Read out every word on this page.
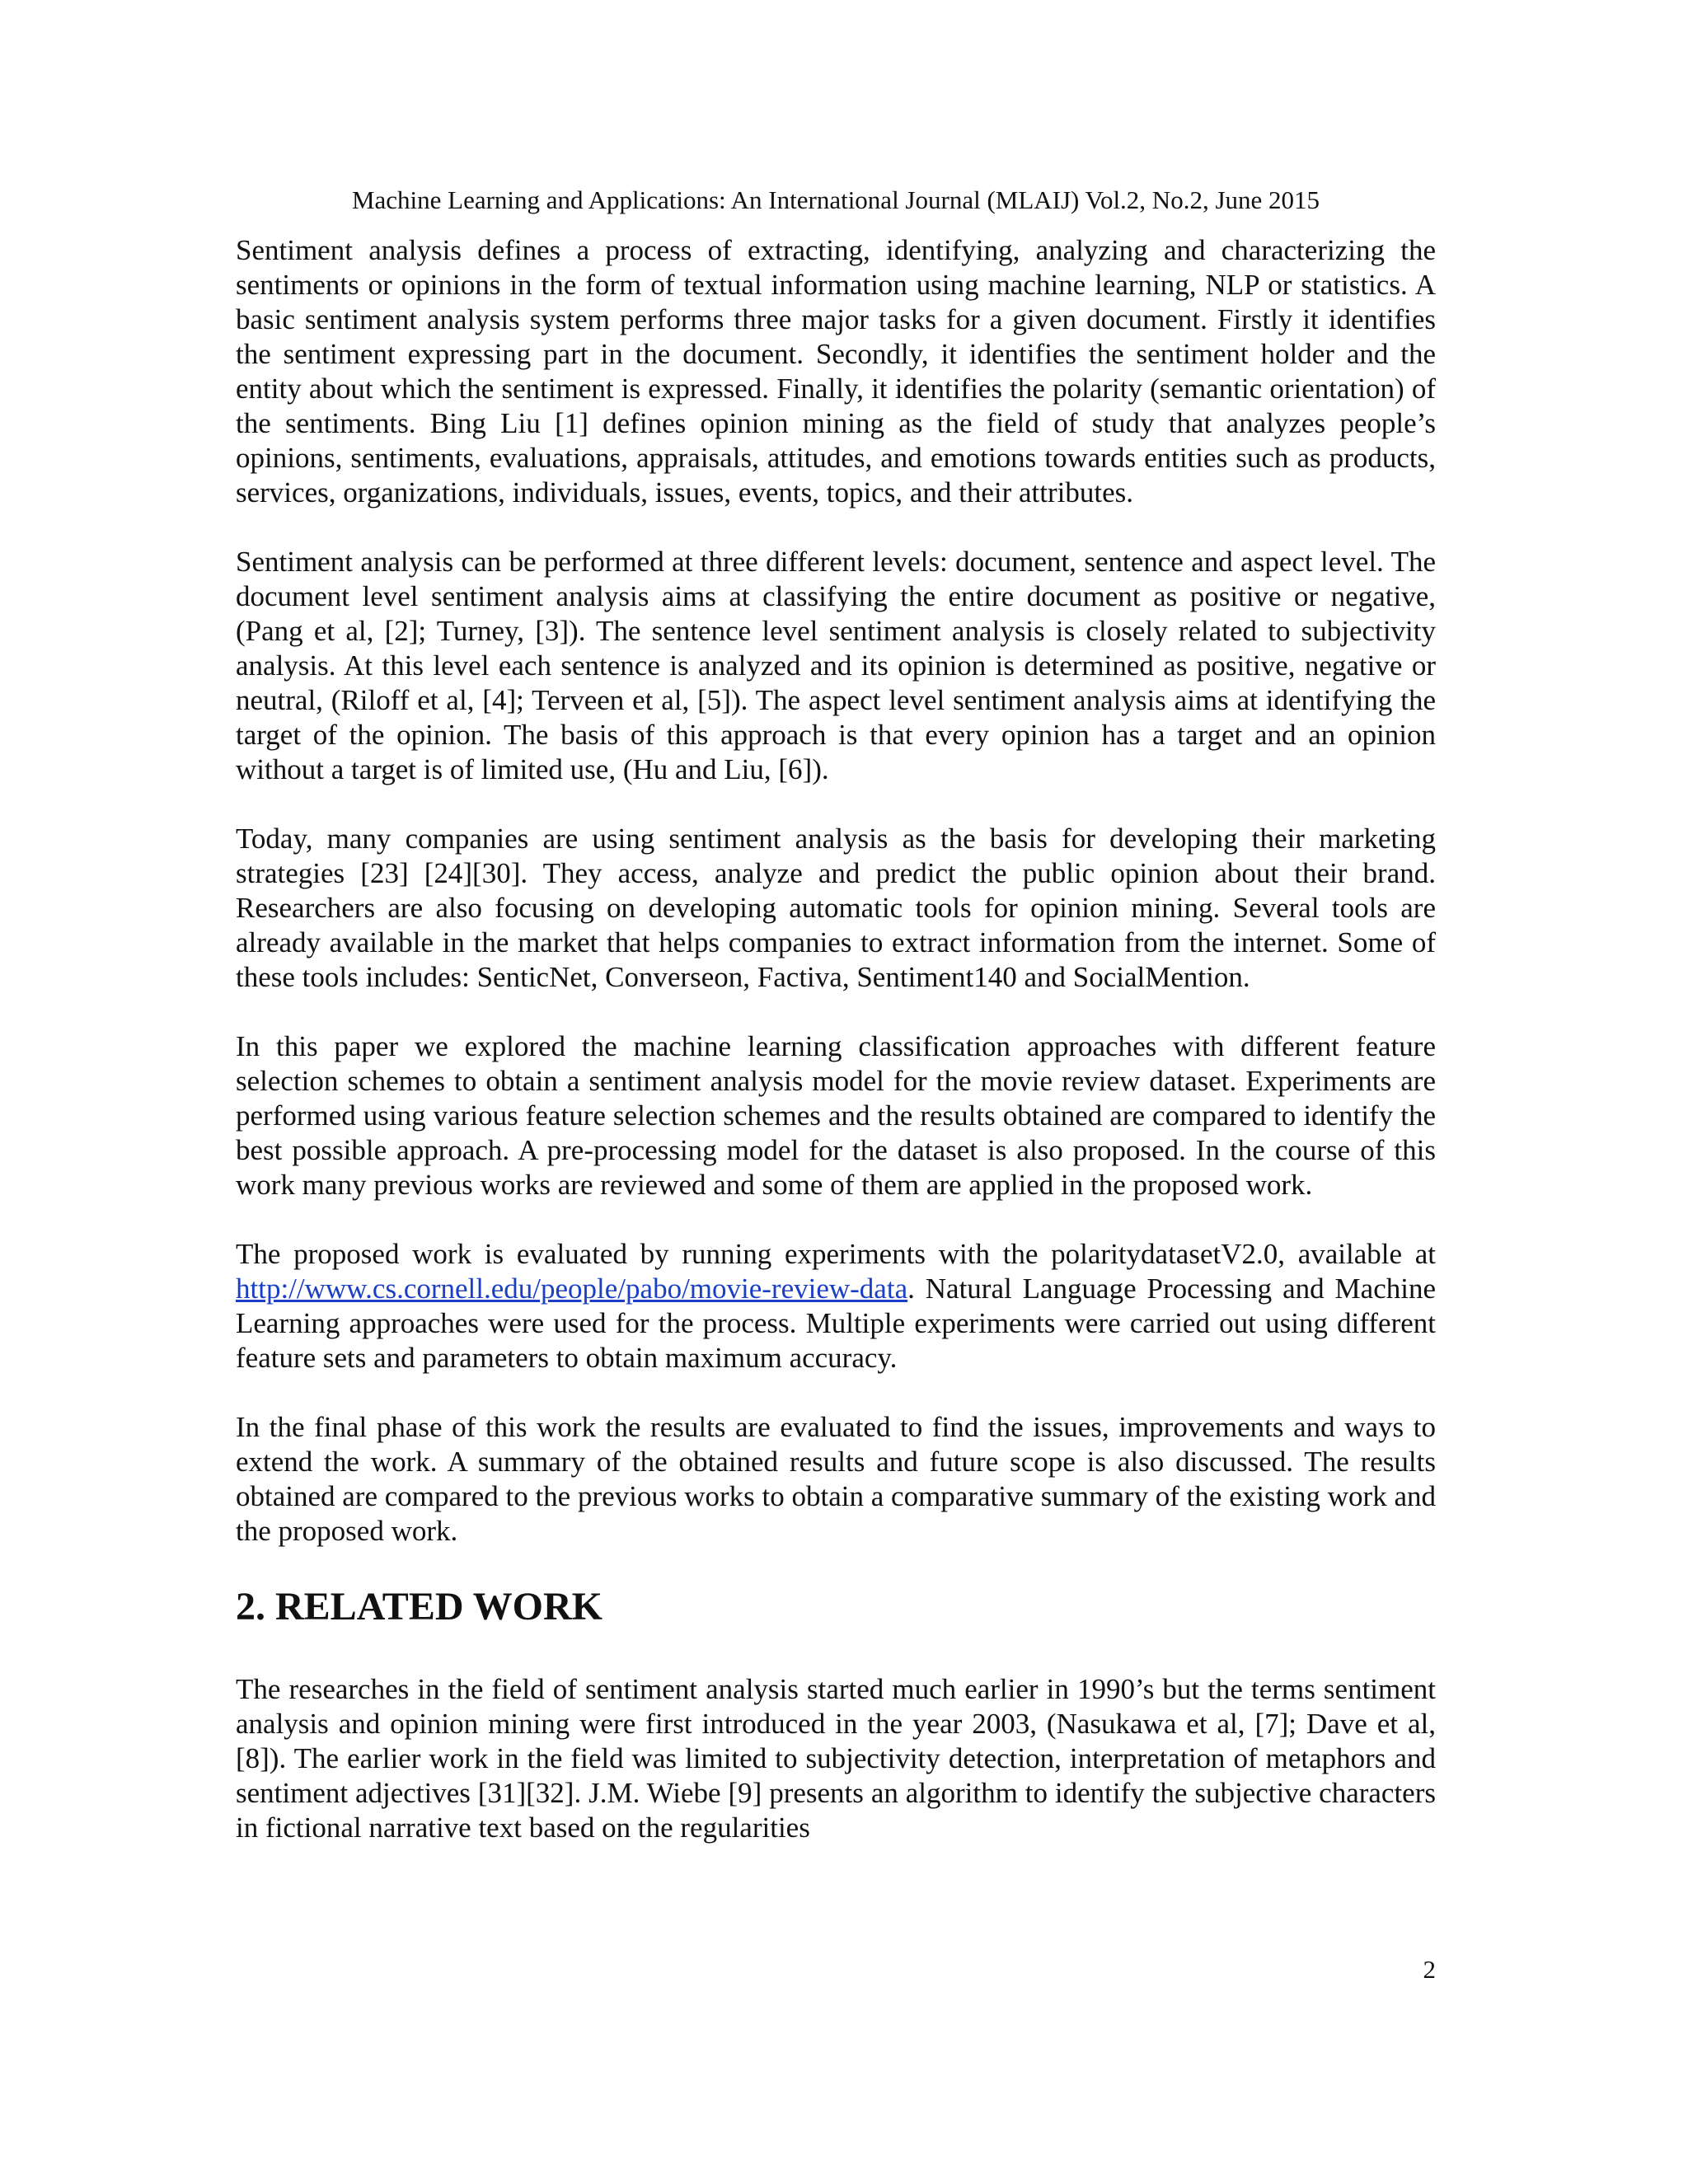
Machine Learning and Applications: An International Journal (MLAIJ) Vol.2, No.2, June 2015

Sentiment analysis defines a process of extracting, identifying, analyzing and characterizing the sentiments or opinions in the form of textual information using machine learning, NLP or statistics. A basic sentiment analysis system performs three major tasks for a given document. Firstly it identifies the sentiment expressing part in the document. Secondly, it identifies the sentiment holder and the entity about which the sentiment is expressed. Finally, it identifies the polarity (semantic orientation) of the sentiments. Bing Liu [1] defines opinion mining as the field of study that analyzes people’s opinions, sentiments, evaluations, appraisals, attitudes, and emotions towards entities such as products, services, organizations, individuals, issues, events, topics, and their attributes.

Sentiment analysis can be performed at three different levels: document, sentence and aspect level. The document level sentiment analysis aims at classifying the entire document as positive or negative, (Pang et al, [2]; Turney, [3]). The sentence level sentiment analysis is closely related to subjectivity analysis. At this level each sentence is analyzed and its opinion is determined as positive, negative or neutral, (Riloff et al, [4]; Terveen et al, [5]). The aspect level sentiment analysis aims at identifying the target of the opinion. The basis of this approach is that every opinion has a target and an opinion without a target is of limited use, (Hu and Liu, [6]).

Today, many companies are using sentiment analysis as the basis for developing their marketing strategies [23] [24][30]. They access, analyze and predict the public opinion about their brand. Researchers are also focusing on developing automatic tools for opinion mining. Several tools are already available in the market that helps companies to extract information from the internet. Some of these tools includes: SenticNet, Converseon, Factiva, Sentiment140 and SocialMention.

In this paper we explored the machine learning classification approaches with different feature selection schemes to obtain a sentiment analysis model for the movie review dataset. Experiments are performed using various feature selection schemes and the results obtained are compared to identify the best possible approach. A pre-processing model for the dataset is also proposed. In the course of this work many previous works are reviewed and some of them are applied in the proposed work.

The proposed work is evaluated by running experiments with the polaritydatasetV2.0, available at http://www.cs.cornell.edu/people/pabo/movie-review-data. Natural Language Processing and Machine Learning approaches were used for the process. Multiple experiments were carried out using different feature sets and parameters to obtain maximum accuracy.

In the final phase of this work the results are evaluated to find the issues, improvements and ways to extend the work. A summary of the obtained results and future scope is also discussed. The results obtained are compared to the previous works to obtain a comparative summary of the existing work and the proposed work.

2. RELATED WORK

The researches in the field of sentiment analysis started much earlier in 1990’s but the terms sentiment analysis and opinion mining were first introduced in the year 2003, (Nasukawa et al, [7]; Dave et al, [8]). The earlier work in the field was limited to subjectivity detection, interpretation of metaphors and sentiment adjectives [31][32]. J.M. Wiebe [9] presents an algorithm to identify the subjective characters in fictional narrative text based on the regularities

2
